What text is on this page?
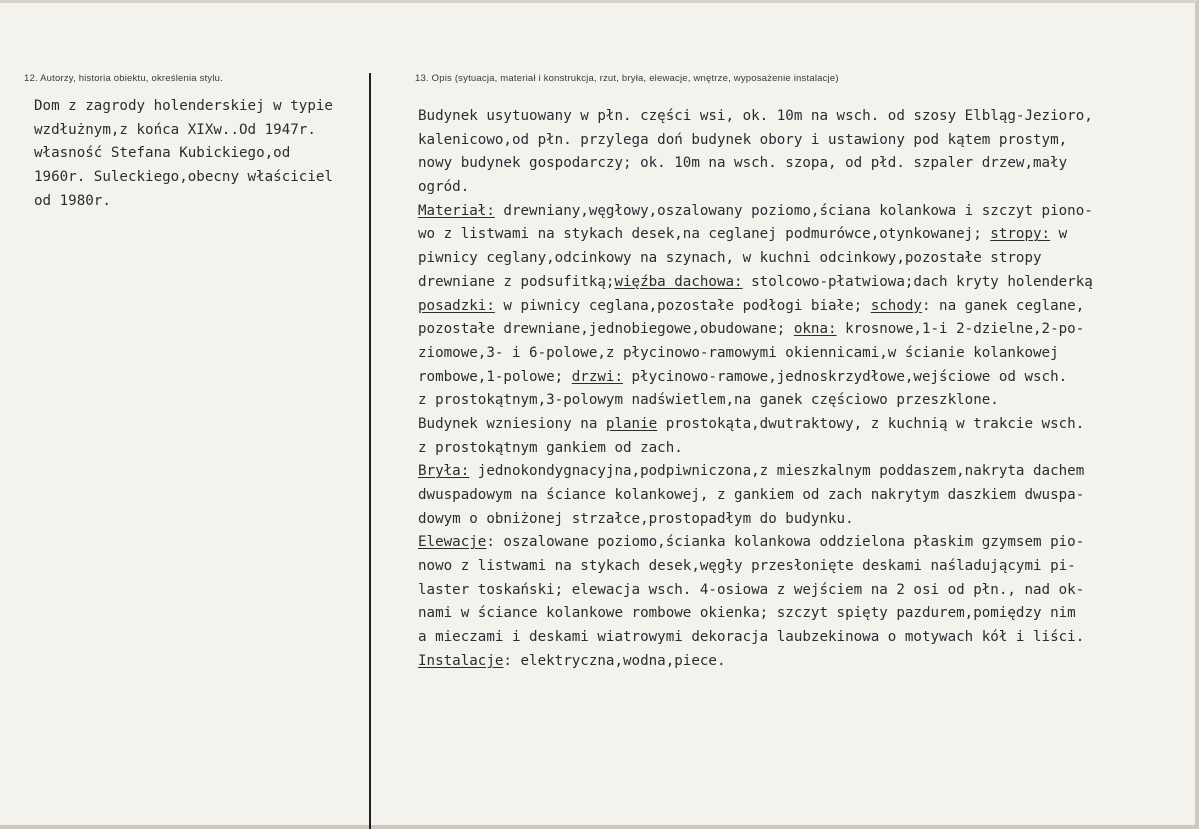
12. Autorzy, historia obiektu, określenia stylu.	13. Opis (sytuacja, materiał i konstrukcja, rzut, bryła, elewacje, wnętrze, wyposażenie instalacje)
Dom z zagrody holenderskiej w typie
wzdłużnym,z końca XIXw..Od 1947r.
własność Stefana Kubickiego,od
1960r. Suleckiego,obecny właściciel
od 1980r.
Budynek usytuowany w płn. części wsi, ok. 10m na wsch. od szosy Elbląg-Jezioro,
kalenicowo,od płn. przylega doń budynek obory i ustawiony pod kątem prostym,
nowy budynek gospodarczy; ok. 10m na wsch. szopa, od płd. szpaler drzew,mały
ogród.
Materiał: drewniany,węgłowy,oszalowany poziomo,ściana kolankowa i szczyt piono-
wo z listwami na stykach desek,na ceglanej podmurówce,otynkowanej; stropy: w
piwnicy ceglany,odcinkowy na szynach, w kuchni odcinkowy,pozostałe stropy
drewniane z podsufitką;więźba dachowa: stolcowo-płatwiowa;dach kryty holenderką
posadzki: w piwnicy ceglana,pozostałe podłogi białe; schody: na ganek ceglane,
pozostałe drewniane,jednobiegowe,obudowane; okna: krosnowe,1-i 2-dzielne,2-po-
ziomowe,3- i 6-polowe,z płycinowo-ramowymi okiennicami,w ścianie kolankowej
rombowe,1-polowe; drzwi: płycinowo-ramowe,jednoskrzydłowe,wejściowe od wsch.
z prostokątnym,3-polowym nadświetlem,na ganek częściowo przeszklone.
Budynek wzniesiony na planie prostokąta,dwutraktowy, z kuchnią w trakcie wsch.
z prostokątnym gankiem od zach.
Bryła: jednokondygnacyjna,podpiwniczona,z mieszkalnym poddaszem,nakryta dachem
dwuspadowym na ściance kolankowej, z gankiem od zach nakrytym daszkiem dwuspa-
dowym o obniżonej strzałce,prostopadłym do budynku.
Elewacje: oszalowane poziomo,ścianka kolankowa oddzielona płaskim gzymsem pio-
nowo z listwami na stykach desek,węgły przesłonięte deskami naśladującymi pi-
laster toskański; elewacja wsch. 4-osiowa z wejściem na 2 osi od płn., nad ok-
nami w ściance kolankowe rombowe okienka; szczyt spięty pazdurem,pomiędzy nim
a mieczami i deskami wiatrowymi dekoracja laubzekinowa o motywach kół i liści.
Instalacje: elektryczna,wodna,piece.
